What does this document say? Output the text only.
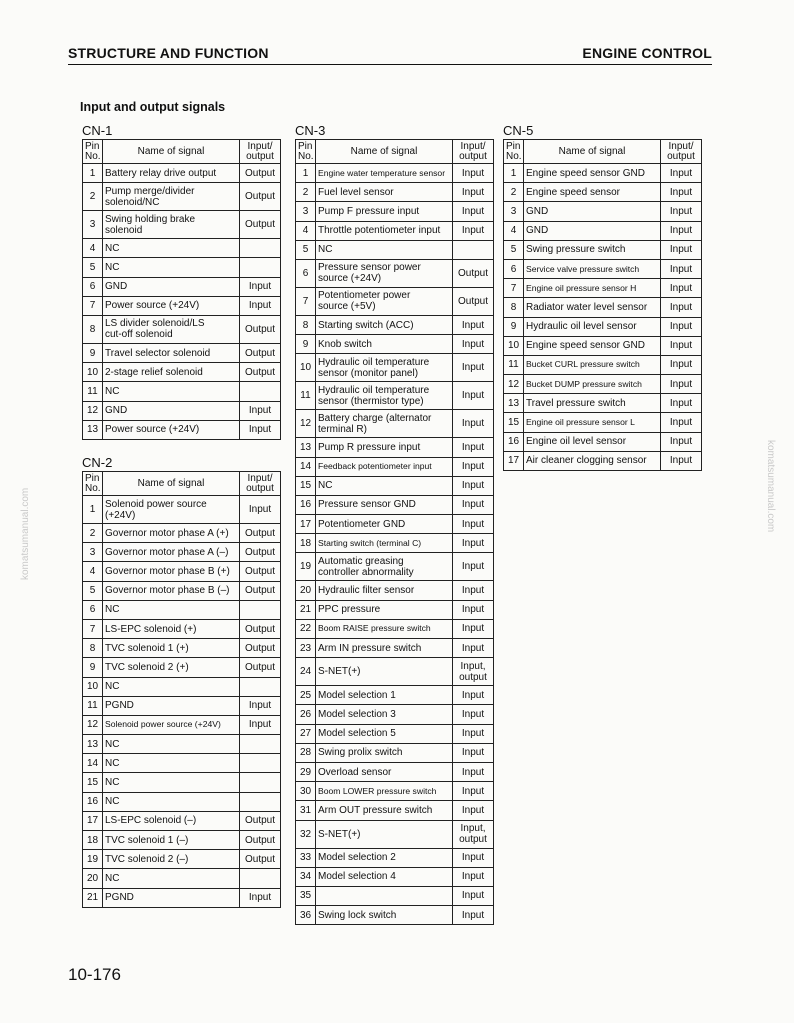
STRUCTURE AND FUNCTION	ENGINE CONTROL
Input and output signals
CN-1
CN-2
CN-3	CN-5
Pin
No.	Name of signal	Input/
output
1	Battery relay drive output	Output
2	Pump merge/divider
solenoid/NC	Output
3	Swing holding brake
solenoid	Output
4	NC	
5	NC	
6	GND	Input
7	Power source (+24V)	Input
8	LS divider solenoid/LS
cut-off solenoid	Output
9	Travel selector solenoid	Output
10	2-stage relief solenoid	Output
11	NC	
12	GND	Input
13	Power source (+24V)	Input
Pin
No.	Name of signal	Input/
output
1	Solenoid power source
(+24V)	Input
2	Governor motor phase A (+)	Output
3	Governor motor phase A (–)	Output
4	Governor motor phase B (+)	Output
5	Governor motor phase B (–)	Output
6	NC	
7	LS-EPC solenoid (+)	Output
8	TVC solenoid 1 (+)	Output
9	TVC solenoid 2 (+)	Output
10	NC	
11	PGND	Input
12	Solenoid power source (+24V)	Input
13	NC	
14	NC	
15	NC	
16	NC	
17	LS-EPC solenoid (–)	Output
18	TVC solenoid 1 (–)	Output
19	TVC solenoid 2 (–)	Output
20	NC	
21	PGND	Input
Pin
No.	Name of signal	Input/
output
1	Engine water temperature sensor	Input
2	Fuel level sensor	Input
3	Pump F pressure input	Input
4	Throttle potentiometer input	Input
5	NC	
6	Pressure sensor power
source (+24V)	Output
7	Potentiometer power
source (+5V)	Output
8	Starting switch (ACC)	Input
9	Knob switch	Input
10	Hydraulic oil temperature
sensor (monitor panel)	Input
11	Hydraulic oil temperature
sensor (thermistor type)	Input
12	Battery charge (alternator
terminal R)	Input
13	Pump R pressure input	Input
14	Feedback potentiometer input	Input
15	NC	Input
16	Pressure sensor GND	Input
17	Potentiometer GND	Input
18	Starting switch (terminal C)	Input
19	Automatic greasing
controller abnormality	Input
20	Hydraulic filter sensor	Input
21	PPC pressure	Input
22	Boom RAISE pressure switch	Input
23	Arm IN pressure switch	Input
24	S-NET(+)	Input,
output
25	Model selection 1	Input
26	Model selection 3	Input
27	Model selection 5	Input
28	Swing prolix switch	Input
29	Overload sensor	Input
30	Boom LOWER pressure switch	Input
31	Arm OUT pressure switch	Input
32	S-NET(+)	Input,
output
33	Model selection 2	Input
34	Model selection 4	Input
35		Input
36	Swing lock switch	Input
Pin
No.	Name of signal	Input/
output
1	Engine speed sensor GND	Input
2	Engine speed sensor	Input
3	GND	Input
4	GND	Input
5	Swing pressure switch	Input
6	Service valve pressure switch	Input
7	Engine oil pressure sensor H	Input
8	Radiator water level sensor	Input
9	Hydraulic oil level sensor	Input
10	Engine speed sensor GND	Input
11	Bucket CURL pressure switch	Input
12	Bucket DUMP pressure switch	Input
13	Travel pressure switch	Input
15	Engine oil pressure sensor L	Input
16	Engine oil level sensor	Input
17	Air cleaner clogging sensor	Input
10-176
komatsumanual.com
komatsumanual.com
